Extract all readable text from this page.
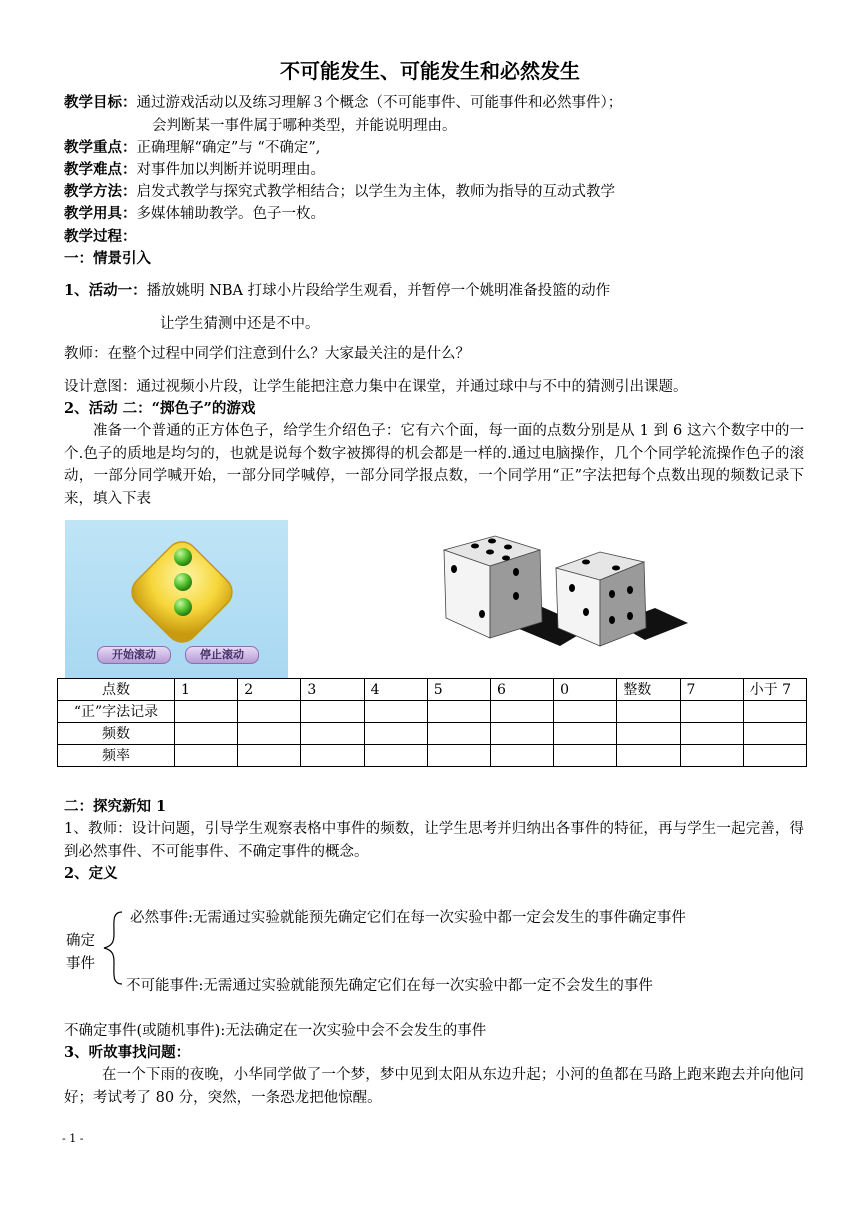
不可能发生、可能发生和必然发生
教学目标：通过游戏活动以及练习理解３个概念（不可能事件、可能事件和必然事件）；
会判断某一事件属于哪种类型，并能说明理由。
教学重点：正确理解“确定”与 “不确定”,
教学难点：对事件加以判断并说明理由。
教学方法：启发式教学与探究式教学相结合；以学生为主体，教师为指导的互动式教学
教学用具：多媒体辅助教学。色子一枚。
教学过程：
一：情景引入
1、活动一：播放姚明 NBA 打球小片段给学生观看，并暂停一个姚明准备投篮的动作
让学生猜测中还是不中。
教师：在整个过程中同学们注意到什么？大家最关注的是什么？
设计意图：通过视频小片段，让学生能把注意力集中在课堂，并通过球中与不中的猜测引出课题。
2、活动 二：“掷色子”的游戏
准备一个普通的正方体色子，给学生介绍色子：它有六个面，每一面的点数分别是从 1 到 6 这六个数字中的一个.色子的质地是均匀的，也就是说每个数字被掷得的机会都是一样的.通过电脑操作，几个个同学轮流操作色子的滚动，一部分同学喊开始，一部分同学喊停，一部分同学报点数，一个同学用“正”字法把每个点数出现的频数记录下来，填入下表
开始滚动	停止滚动
点数	1	2	3	4	5	6	0	整数	7	小于 7
“正”字法记录										
频数										
频率										
二：探究新知 1
1、教师：设计问题，引导学生观察表格中事件的频数，让学生思考并归纳出各事件的特征，再与学生一起完善，得到必然事件、不可能事件、不确定事件的概念。
2、定义
必然事件:无需通过实验就能预先确定它们在每一次实验中都一定会发生的事件确定事件
确定
事件
不可能事件:无需通过实验就能预先确定它们在每一次实验中都一定不会发生的事件
不确定事件(或随机事件):无法确定在一次实验中会不会发生的事件
3、听故事找问题：
在一个下雨的夜晚，小华同学做了一个梦，梦中见到太阳从东边升起；小河的鱼都在马路上跑来跑去并向他问好；考试考了 80 分，突然，一条恐龙把他惊醒。
- 1 -
